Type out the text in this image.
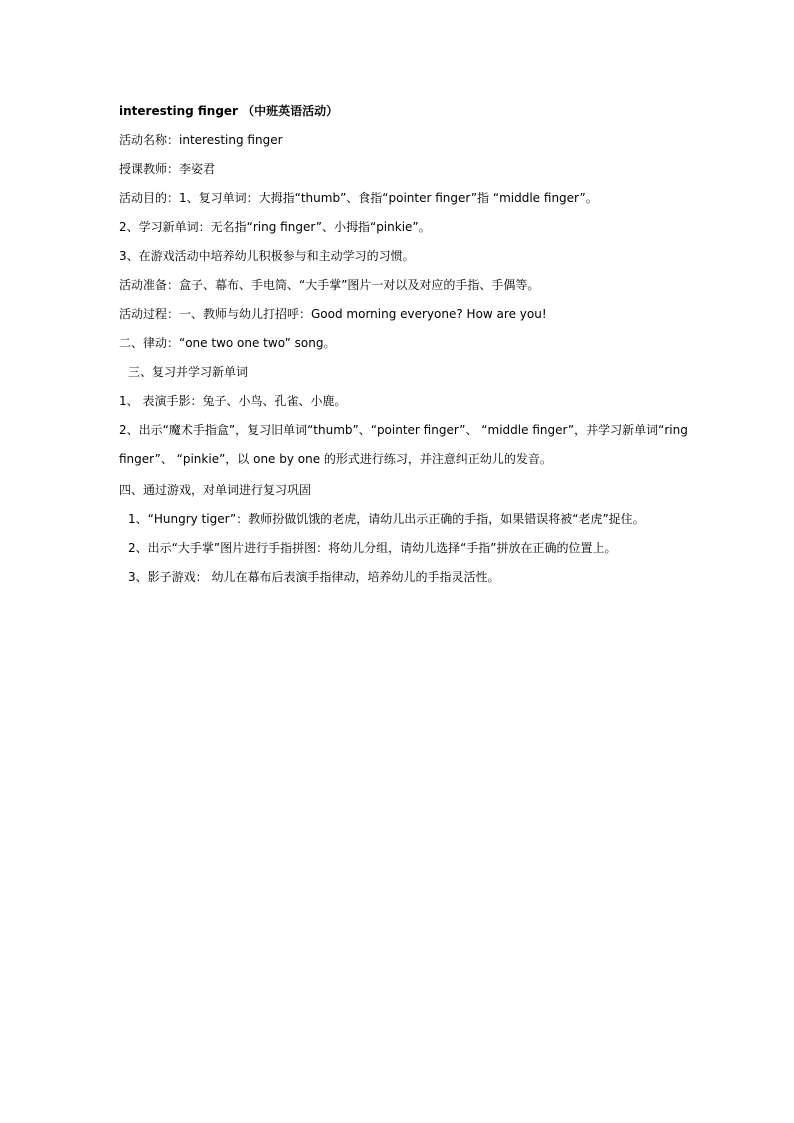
interesting finger （中班英语活动）
活动名称：interesting finger
授课教师：李姿君
活动目的：1、复习单词：大拇指“thumb”、食指“pointer finger”指 “middle finger”。
2、学习新单词：无名指“ring finger”、小拇指“pinkie”。
3、在游戏活动中培养幼儿积极参与和主动学习的习惯。
活动准备：盒子、幕布、手电筒、“大手掌”图片一对以及对应的手指、手偶等。
活动过程：一、教师与幼儿打招呼：Good morning everyone? How are you!
二、律动：“one two one two” song。
三、复习并学习新单词
1、 表演手影：兔子、小鸟、孔雀、小鹿。
2、出示“魔术手指盒”，复习旧单词“thumb”、“pointer finger”、 “middle finger”，并学习新单词“ring
finger”、 “pinkie”，以 one by one 的形式进行练习，并注意纠正幼儿的发音。
四、通过游戏，对单词进行复习巩固
1、“Hungry tiger”：教师扮做饥饿的老虎，请幼儿出示正确的手指，如果错误将被“老虎”捉住。
2、出示“大手掌”图片进行手指拼图：将幼儿分组，请幼儿选择“手指”拼放在正确的位置上。
3、影子游戏： 幼儿在幕布后表演手指律动，培养幼儿的手指灵活性。
